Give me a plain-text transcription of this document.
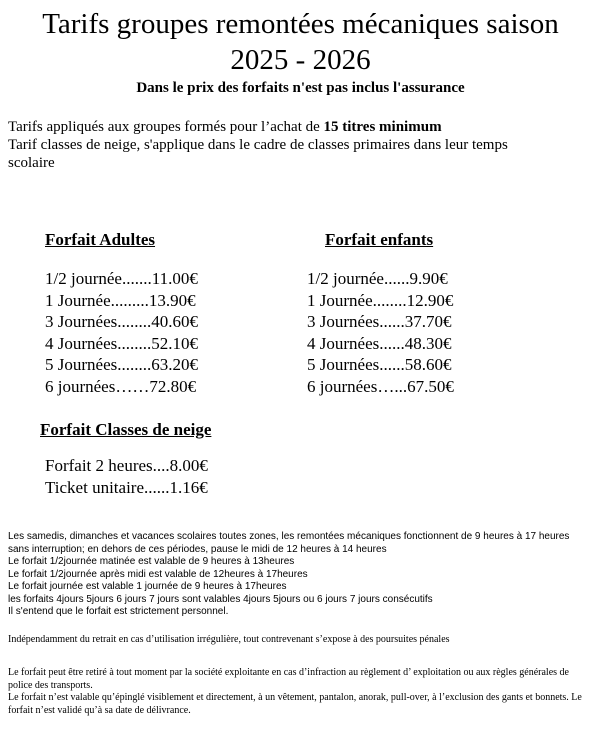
Tarifs groupes remontées mécaniques saison
2025 - 2026
Dans le prix des forfaits n'est pas inclus l'assurance
Tarifs appliqués aux groupes formés pour l’achat de 15 titres minimum
Tarif classes de neige, s'applique dans le cadre de classes primaires dans leur temps
scolaire
Forfait Adultes
1/2 journée.......11.00€
1 Journée.........13.90€
3 Journées........40.60€
4 Journées........52.10€
5 Journées........63.20€
6 journées……72.80€
Forfait enfants
1/2 journée......9.90€
1 Journée........12.90€
3 Journées......37.70€
4 Journées......48.30€
5 Journées......58.60€
6 journées…...67.50€
Forfait Classes de neige
Forfait 2 heures....8.00€
Ticket unitaire......1.16€
Les samedis, dimanches et vacances scolaires toutes zones, les remontées mécaniques fonctionnent de 9 heures à 17 heures sans interruption; en dehors de ces périodes, pause le midi de 12 heures à 14 heures
Le forfait 1/2journée matinée est valable de 9 heures à 13heures
Le forfait 1/2journée après midi est valable de 12heures à 17heures
Le forfait journée est valable 1 journée de 9 heures à 17heures
les forfaits 4jours 5jours 6 jours 7 jours sont valables 4jours 5jours ou 6 jours 7 jours consécutifs
Il s'entend que le forfait est strictement personnel.
Indépendamment du retrait en cas d’utilisation irrégulière, tout contrevenant s’expose à des poursuites pénales
Le forfait peut être retiré à tout moment par la société exploitante en cas d’infraction au règlement d’ exploitation ou aux règles générales de police des transports.
Le forfait n’est valable qu’épinglé visiblement et directement, à un vêtement, pantalon, anorak, pull-over, à l’exclusion des gants et bonnets. Le forfait n’est validé qu’à sa date de délivrance.
